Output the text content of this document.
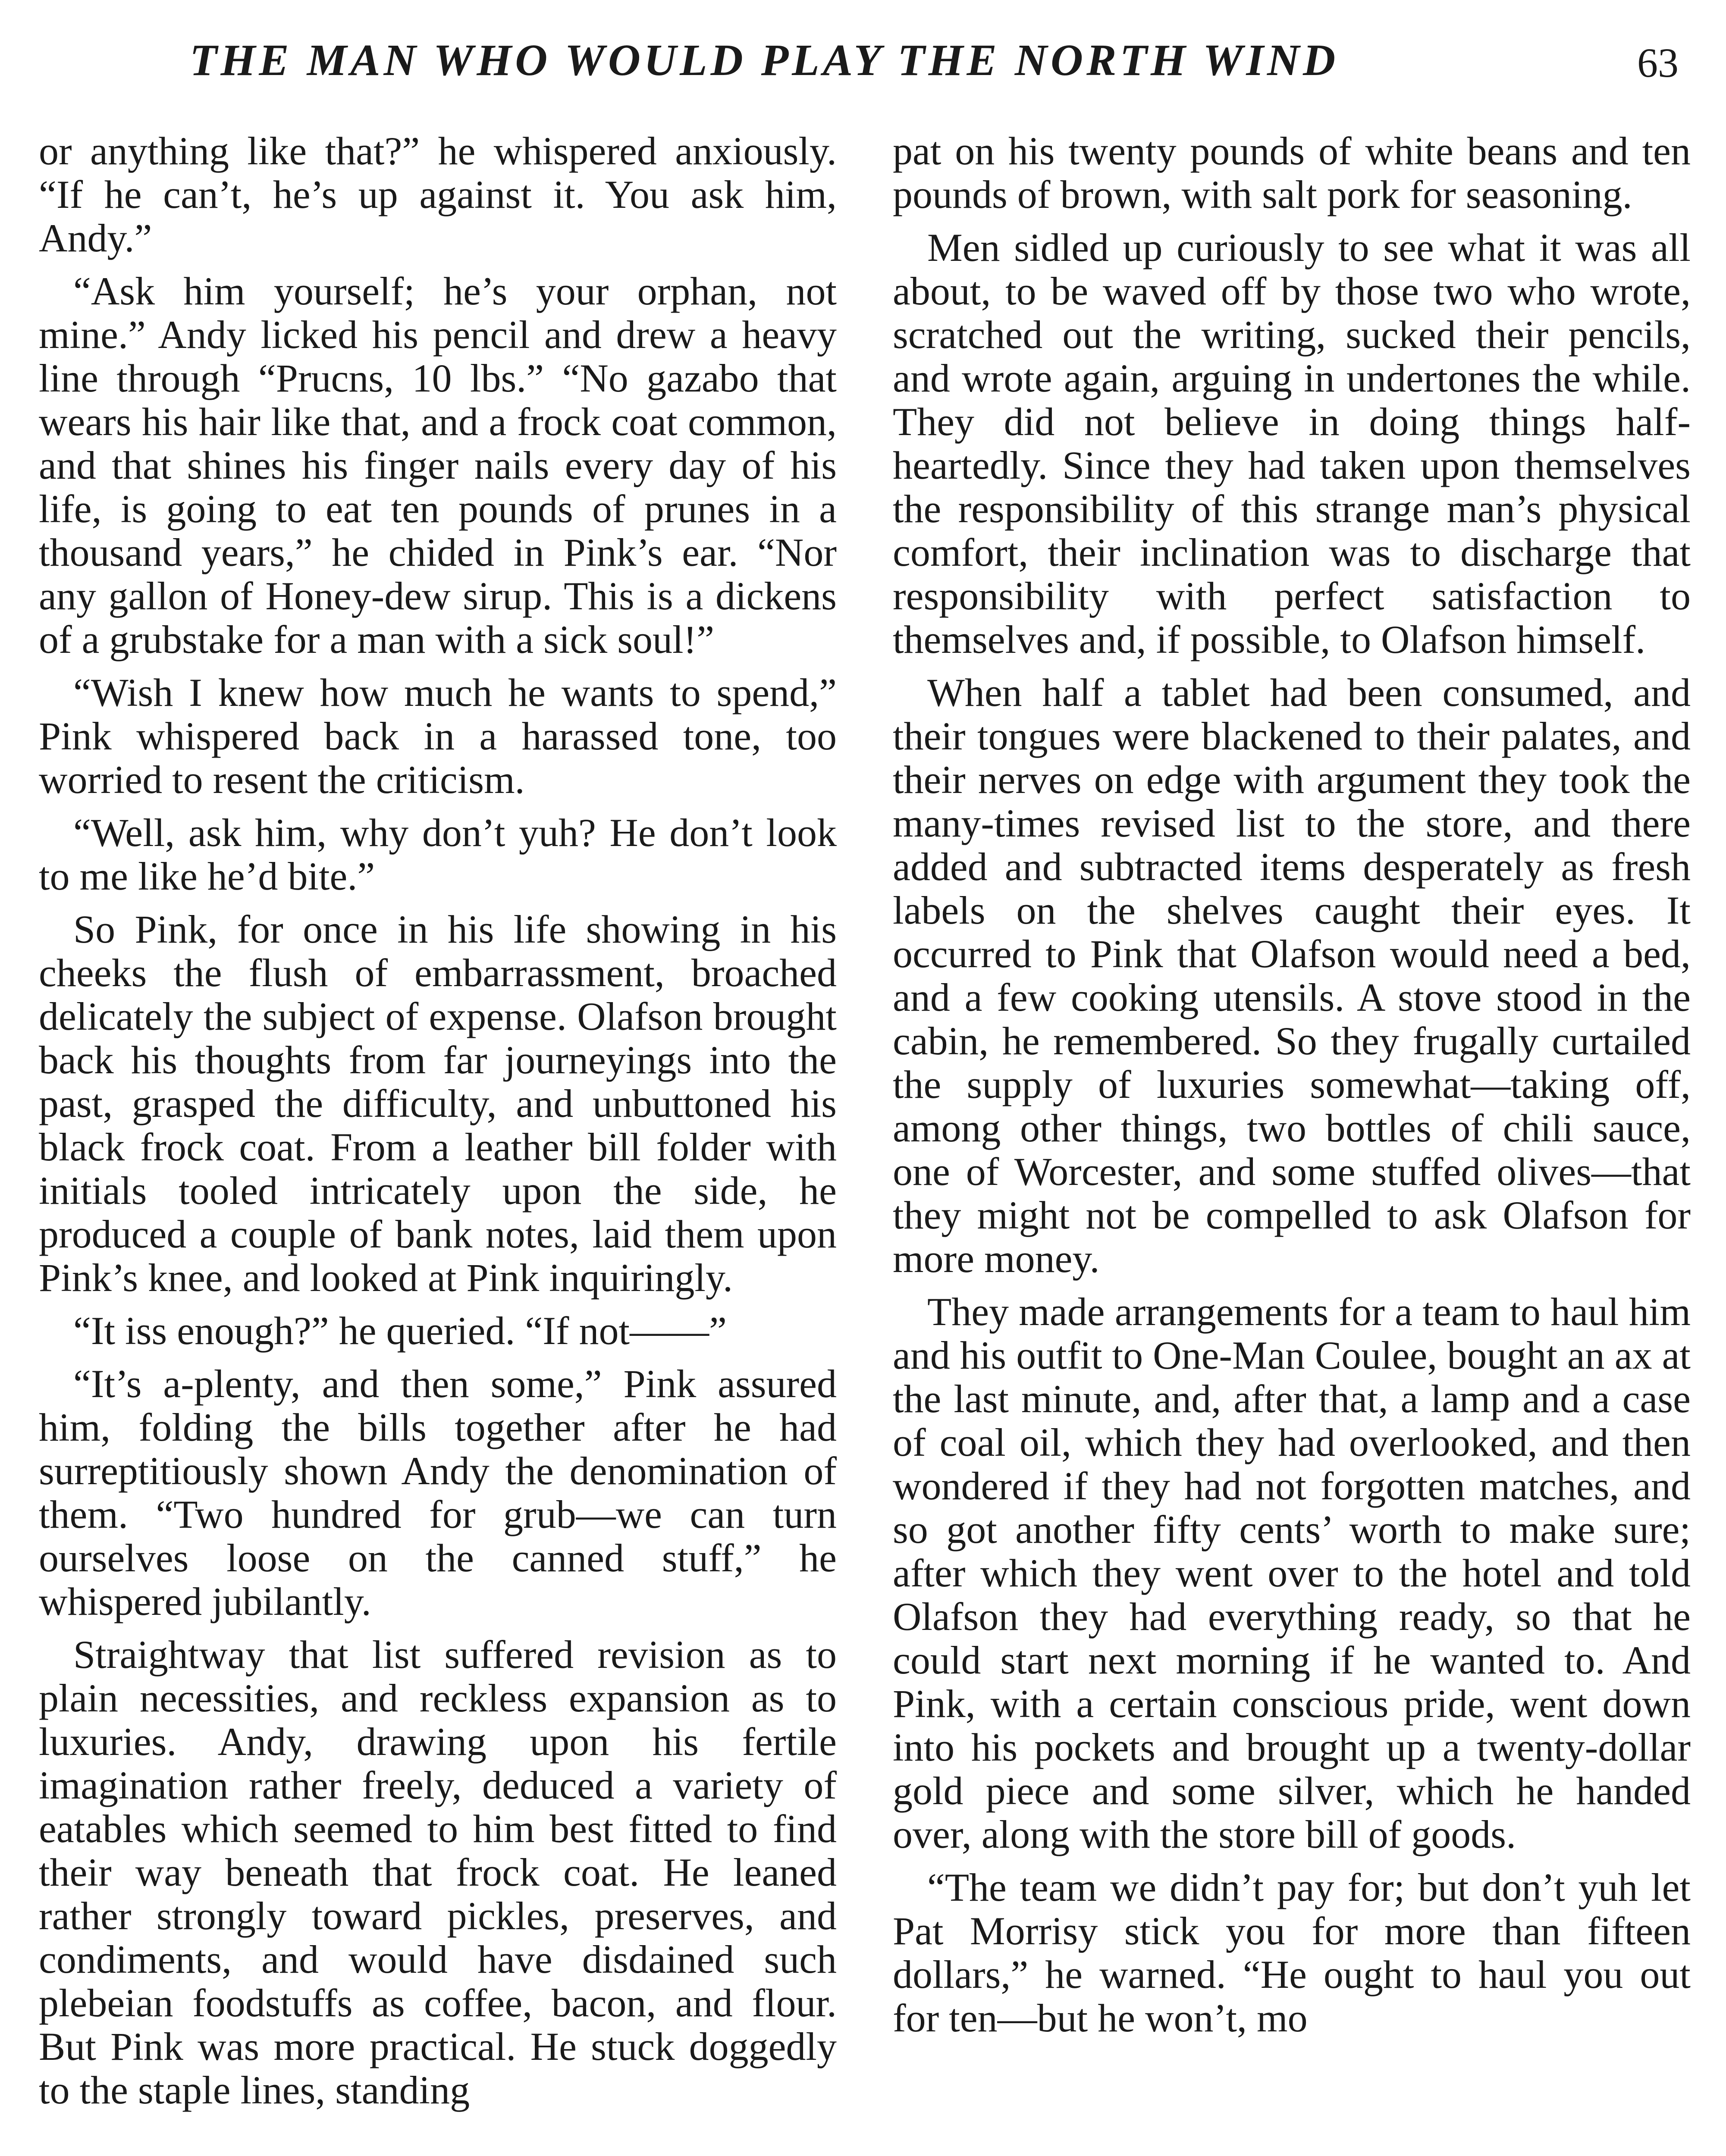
THE MAN WHO WOULD PLAY THE NORTH WIND	63

or anything like that?” he whispered anxiously. “If he can’t, he’s up against it. You ask him, Andy.”

“Ask him yourself; he’s your orphan, not mine.” Andy licked his pencil and drew a heavy line through “Prucns, 10 lbs.” “No gazabo that wears his hair like that, and a frock coat common, and that shines his finger nails every day of his life, is going to eat ten pounds of prunes in a thousand years,” he chided in Pink’s ear. “Nor any gallon of Honey-dew sirup. This is a dickens of a grubstake for a man with a sick soul!”

“Wish I knew how much he wants to spend,” Pink whispered back in a harassed tone, too worried to resent the criticism.

“Well, ask him, why don’t yuh? He don’t look to me like he’d bite.”

So Pink, for once in his life showing in his cheeks the flush of embarrassment, broached delicately the subject of expense. Olafson brought back his thoughts from far journeyings into the past, grasped the difficulty, and unbuttoned his black frock coat. From a leather bill folder with initials tooled intricately upon the side, he produced a couple of bank notes, laid them upon Pink’s knee, and looked at Pink inquiringly.

“It iss enough?” he queried. “If not——”

“It’s a-plenty, and then some,” Pink assured him, folding the bills together after he had surreptitiously shown Andy the denomination of them. “Two hundred for grub—we can turn ourselves loose on the canned stuff,” he whispered jubilantly.

Straightway that list suffered revision as to plain necessities, and reckless expansion as to luxuries. Andy, drawing upon his fertile imagination rather freely, deduced a variety of eatables which seemed to him best fitted to find their way beneath that frock coat. He leaned rather strongly toward pickles, preserves, and condiments, and would have disdained such plebeian foodstuffs as coffee, bacon, and flour. But Pink was more practical. He stuck doggedly to the staple lines, standing

pat on his twenty pounds of white beans and ten pounds of brown, with salt pork for seasoning.

Men sidled up curiously to see what it was all about, to be waved off by those two who wrote, scratched out the writing, sucked their pencils, and wrote again, arguing in undertones the while. They did not believe in doing things half-heartedly. Since they had taken upon themselves the responsibility of this strange man’s physical comfort, their inclination was to discharge that responsibility with perfect satisfaction to themselves and, if possible, to Olafson himself.

When half a tablet had been consumed, and their tongues were blackened to their palates, and their nerves on edge with argument they took the many-times revised list to the store, and there added and subtracted items desperately as fresh labels on the shelves caught their eyes. It occurred to Pink that Olafson would need a bed, and a few cooking utensils. A stove stood in the cabin, he remembered. So they frugally curtailed the supply of luxuries somewhat—taking off, among other things, two bottles of chili sauce, one of Worcester, and some stuffed olives—that they might not be compelled to ask Olafson for more money.

They made arrangements for a team to haul him and his outfit to One-Man Coulee, bought an ax at the last minute, and, after that, a lamp and a case of coal oil, which they had overlooked, and then wondered if they had not forgotten matches, and so got another fifty cents’ worth to make sure; after which they went over to the hotel and told Olafson they had everything ready, so that he could start next morning if he wanted to. And Pink, with a certain conscious pride, went down into his pockets and brought up a twenty-dollar gold piece and some silver, which he handed over, along with the store bill of goods.

“The team we didn’t pay for; but don’t yuh let Pat Morrisy stick you for more than fifteen dollars,” he warned. “He ought to haul you out for ten—but he won’t, mo
